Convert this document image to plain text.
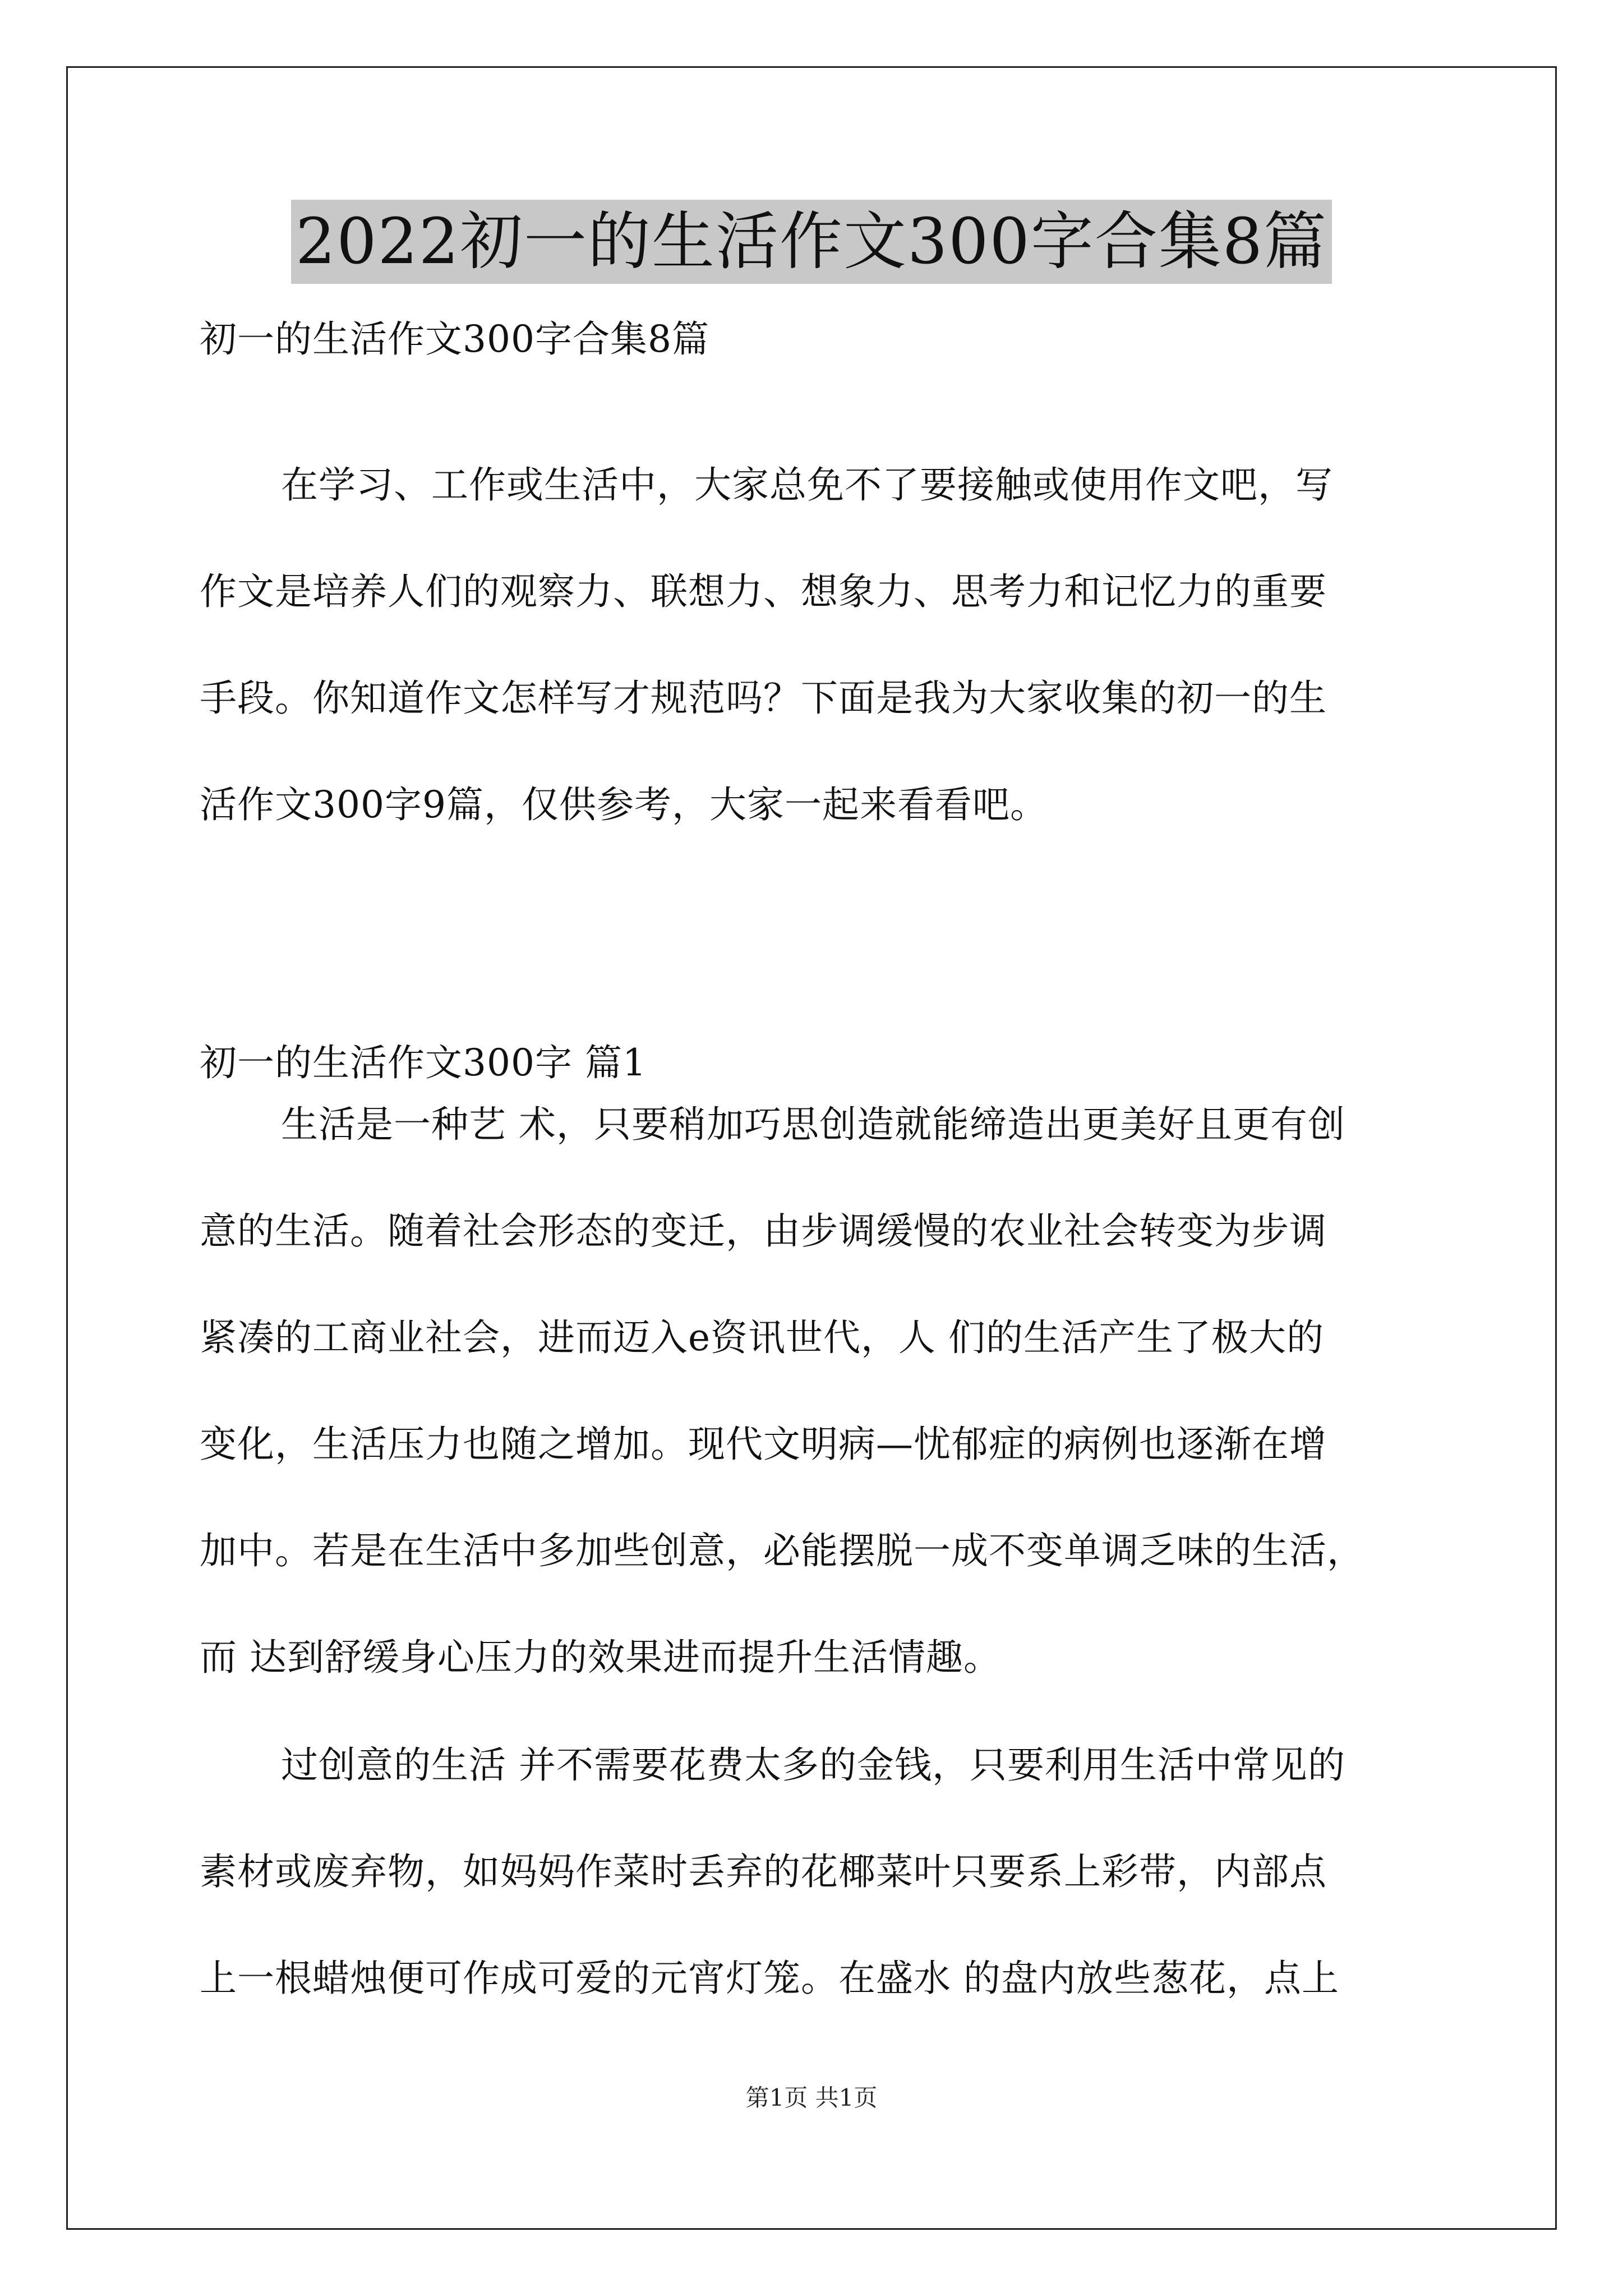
2022初一的生活作文300字合集8篇
初一的生活作文300字合集8篇
在学习、工作或生活中，大家总免不了要接触或使用作文吧，写
作文是培养人们的观察力、联想力、想象力、思考力和记忆力的重要
手段。你知道作文怎样写才规范吗？下面是我为大家收集的初一的生
活作文300字9篇，仅供参考，大家一起来看看吧。
初一的生活作文300字 篇1
生活是一种艺 术，只要稍加巧思创造就能缔造出更美好且更有创
意的生活。随着社会形态的变迁，由步调缓慢的农业社会转变为步调
紧凑的工商业社会，进而迈入e资讯世代，人 们的生活产生了极大的
变化，生活压力也随之增加。现代文明病—忧郁症的病例也逐渐在增
加中。若是在生活中多加些创意，必能摆脱一成不变单调乏味的生活，
而 达到舒缓身心压力的效果进而提升生活情趣。
过创意的生活 并不需要花费太多的金钱，只要利用生活中常见的
素材或废弃物，如妈妈作菜时丢弃的花椰菜叶只要系上彩带，内部点
上一根蜡烛便可作成可爱的元宵灯笼。在盛水 的盘内放些葱花，点上
第1页 共1页
